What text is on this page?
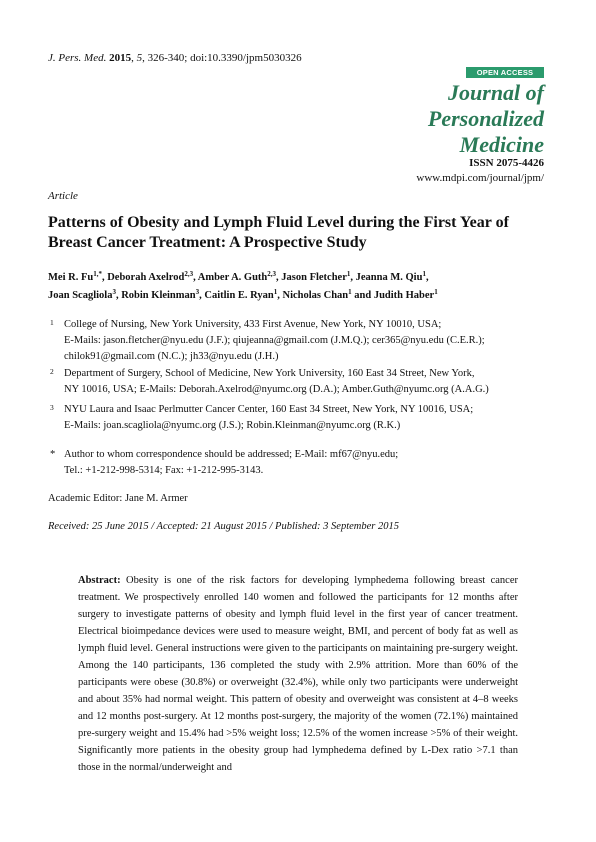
J. Pers. Med. 2015, 5, 326-340; doi:10.3390/jpm5030326
OPEN ACCESS
Journal of
Personalized
Medicine
ISSN 2075-4426
www.mdpi.com/journal/jpm/
Article
Patterns of Obesity and Lymph Fluid Level during the First Year of Breast Cancer Treatment: A Prospective Study
Mei R. $Fu^{1,*}$, Deborah Axelrod$^{2,3}$, Amber A. Guth$^{2,3}$, Jason Fletcher$^1$, Jeanna M. Qiu$^1$,
Joan Scagliola$^3$, Robin Kleinman$^3$, Caitlin E. Ryan$^1$, Nicholas Chan$^1$ and Judith Haber$^1$
1 College of Nursing, New York University, 433 First Avenue, New York, NY 10010, USA;
E-Mails: jason.fletcher@nyu.edu (J.F.); qiujeanna@gmail.com (J.M.Q.); cer365@nyu.edu (C.E.R.);
chilok91@gmail.com (N.C.); jh33@nyu.edu (J.H.)
2 Department of Surgery, School of Medicine, New York University, 160 East 34 Street, New York,
NY 10016, USA; E-Mails: Deborah.Axelrod@nyumc.org (D.A.); Amber.Guth@nyumc.org (A.A.G.)
3 NYU Laura and Isaac Perlmutter Cancer Center, 160 East 34 Street, New York, NY 10016, USA;
E-Mails: joan.scagliola@nyumc.org (J.S.); Robin.Kleinman@nyumc.org (R.K.)
* Author to whom correspondence should be addressed; E-Mail: mf67@nyu.edu;
Tel.: +1-212-998-5314; Fax: +1-212-995-3143.
Academic Editor: Jane M. Armer
Received: 25 June 2015 / Accepted: 21 August 2015 / Published: 3 September 2015
Abstract: Obesity is one of the risk factors for developing lymphedema following breast cancer treatment. We prospectively enrolled 140 women and followed the participants for 12 months after surgery to investigate patterns of obesity and lymph fluid level in the first year of cancer treatment. Electrical bioimpedance devices were used to measure weight, BMI, and percent of body fat as well as lymph fluid level. General instructions were given to the participants on maintaining pre-surgery weight. Among the 140 participants, 136 completed the study with 2.9% attrition. More than 60% of the participants were obese (30.8%) or overweight (32.4%), while only two participants were underweight and about 35% had normal weight. This pattern of obesity and overweight was consistent at 4–8 weeks and 12 months post-surgery. At 12 months post-surgery, the majority of the women (72.1%) maintained pre-surgery weight and 15.4% had >5% weight loss; 12.5% of the women increase >5% of their weight. Significantly more patients in the obesity group had lymphedema defined by L-Dex ratio >7.1 than those in the normal/underweight and
